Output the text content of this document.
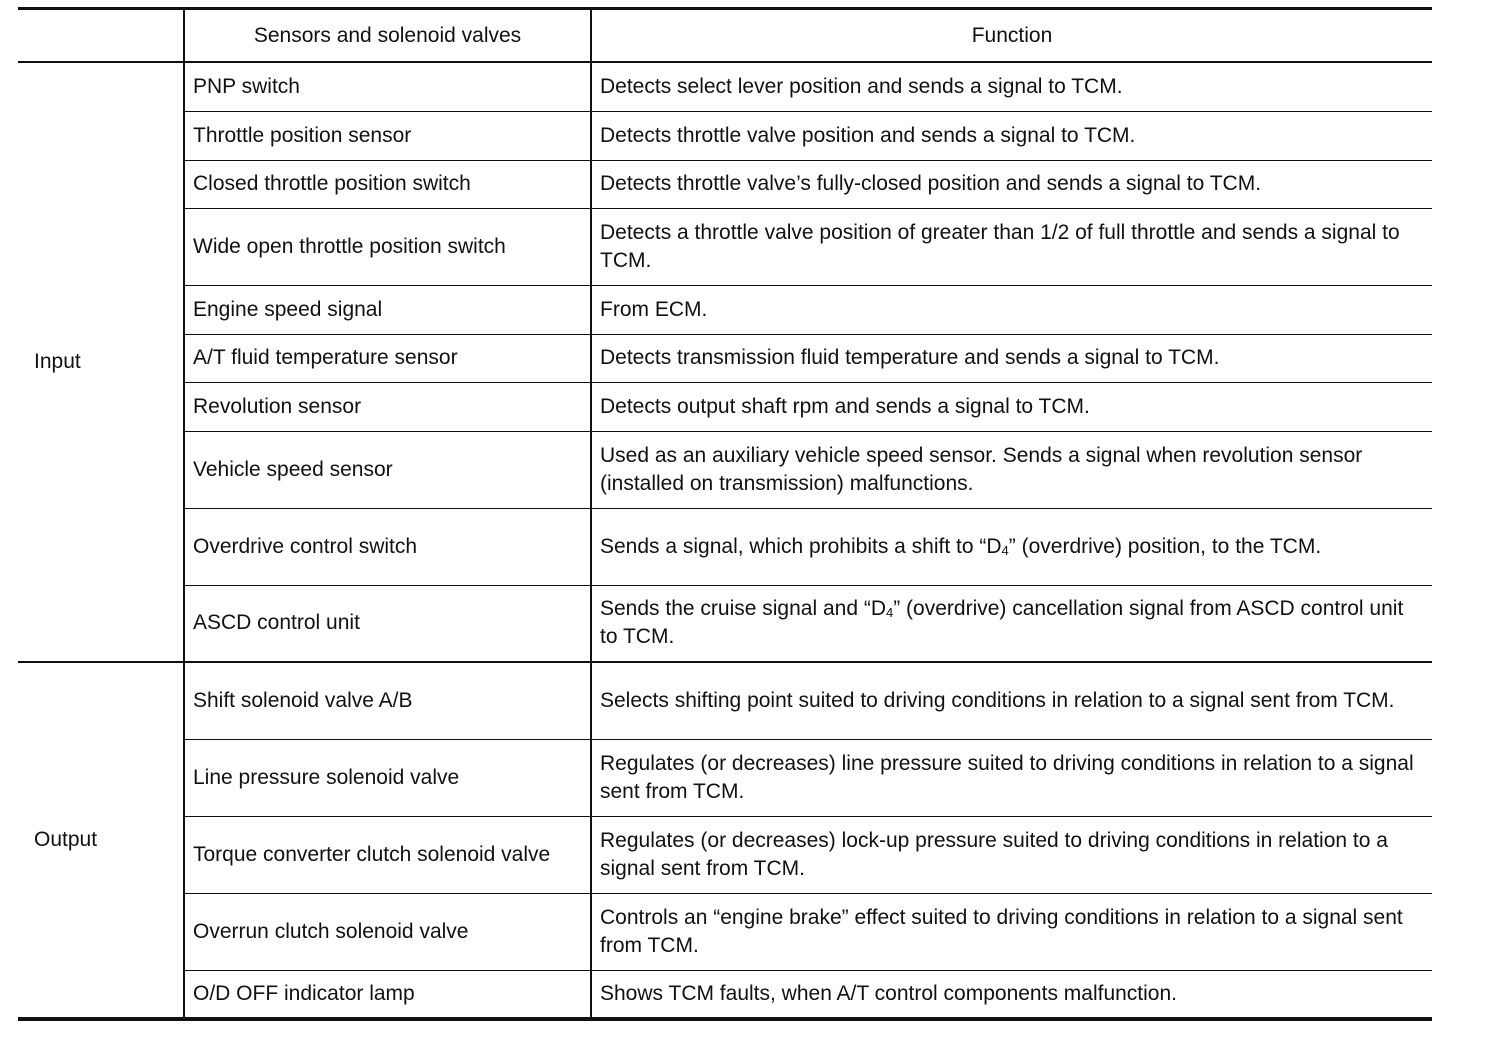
	Sensors and solenoid valves	Function
Input	PNP switch	Detects select lever position and sends a signal to TCM.
	Throttle position sensor	Detects throttle valve position and sends a signal to TCM.
	Closed throttle position switch	Detects throttle valve’s fully-closed position and sends a signal to TCM.
	Wide open throttle position switch	Detects a throttle valve position of greater than 1/2 of full throttle and sends a signal to TCM.
	Engine speed signal	From ECM.
	A/T fluid temperature sensor	Detects transmission fluid temperature and sends a signal to TCM.
	Revolution sensor	Detects output shaft rpm and sends a signal to TCM.
	Vehicle speed sensor	Used as an auxiliary vehicle speed sensor. Sends a signal when revolution sensor (installed on transmission) malfunctions.
	Overdrive control switch	Sends a signal, which prohibits a shift to “$D_4$” (overdrive) position, to the TCM.
	ASCD control unit	Sends the cruise signal and “$D_4$” (overdrive) cancellation signal from ASCD control unit to TCM.
Output	Shift solenoid valve A/B	Selects shifting point suited to driving conditions in relation to a signal sent from TCM.
	Line pressure solenoid valve	Regulates (or decreases) line pressure suited to driving conditions in relation to a signal sent from TCM.
	Torque converter clutch solenoid valve	Regulates (or decreases) lock-up pressure suited to driving conditions in relation to a signal sent from TCM.
	Overrun clutch solenoid valve	Controls an “engine brake” effect suited to driving conditions in relation to a signal sent from TCM.
	O/D OFF indicator lamp	Shows TCM faults, when A/T control components malfunction.
